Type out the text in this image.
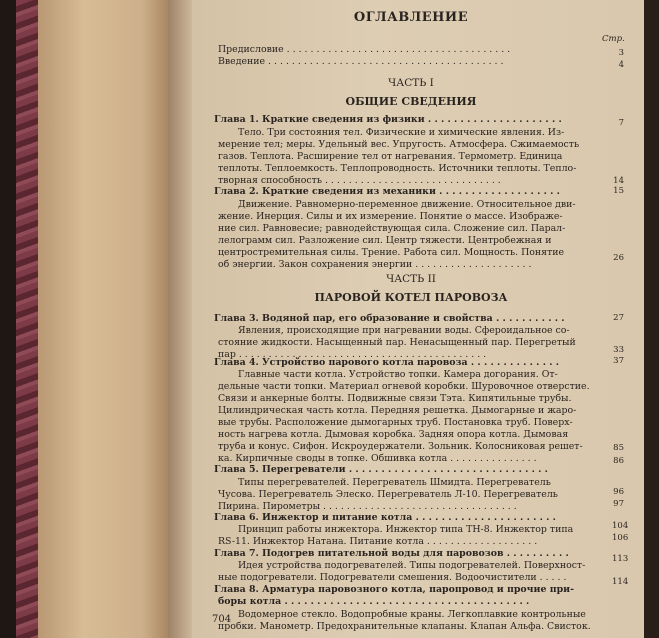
ОГЛАВЛЕНИЕ
Стр.
Предисловие . . . . . . . . . . . . . . . . . . . . . . . . . . . . . . . . . . . . . .
Введение . . . . . . . . . . . . . . . . . . . . . . . . . . . . . . . . . . . . . . . .
Глава 1. Краткие сведения из физики . . . . . . . . . . . . . . . . . . . . .
Тело. Три состояния тел. Физические и химические явления. Из-
мерение тел; меры. Удельный вес. Упругость. Атмосфера. Сжимаемость
газов. Теплота. Расширение тел от нагревания. Термометр. Единица
теплоты. Теплоемкость. Теплопроводность. Источники теплоты. Тепло-
творная способность . . . . . . . . . . . . . . . . . . . . . . . . . . . . . .
Глава 2. Краткие сведения из механики . . . . . . . . . . . . . . . . . . .
Движение. Равномерно-переменное движение. Относительное дви-
жение. Инерция. Силы и их измерение. Понятие о массе. Изображе-
ние сил. Равновесие; равнодействующая сила. Сложение сил. Парал-
лелограмм сил. Разложение сил. Центр тяжести. Центробежная и
центростремительная силы. Трение. Работа сил. Мощность. Понятие
об энергии. Закон сохранения энергии . . . . . . . . . . . . . . . . . . . .
Глава 3. Водяной пар, его образование и свойства . . . . . . . . . . .
Явления, происходящие при нагревании воды. Сфероидальное со-
стояние жидкости. Насыщенный пар. Ненасыщенный пар. Перегретый
пар . . . . . . . . . . . . . . . . . . . . . . . . . . . . . . . . . . . . . . . . . .
Глава 4. Устройство парового котла паровоза . . . . . . . . . . . . . .
Главные части котла. Устройство топки. Камера догорания. От-
дельные части топки. Материал огневой коробки. Шуровочное отверстие.
Связи и анкерные болты. Подвижные связи Тэта. Кипятильные трубы.
Цилиндрическая часть котла. Передняя решетка. Дымогарные и жаро-
вые трубы. Расположение дымогарных труб. Постановка труб. Поверх-
ность нагрева котла. Дымовая коробка. Задняя опора котла. Дымовая
труба и конус. Сифон. Искроудержатели. Зольник. Колосниковая решет-
ка. Кирпичные своды в топке. Обшивка котла . . . . . . . . . . . . . . .
Глава 5. Перегреватели . . . . . . . . . . . . . . . . . . . . . . . . . . . . . . .
Типы перегревателей. Перегреватель Шмидта. Перегреватель
Чусова. Перегреватель Элеско. Перегреватель Л-10. Перегреватель
Пирина. Пирометры . . . . . . . . . . . . . . . . . . . . . . . . . . . . . . . . .
Глава 6. Инжектор и питание котла . . . . . . . . . . . . . . . . . . . . . .
Принцип работы инжектора. Инжектор типа ТН-8. Инжектор типа
RS-11. Инжектор Натана. Питание котла . . . . . . . . . . . . . . . . . . .
Глава 7. Подогрев питательной воды для паровозов . . . . . . . . . .
Идея устройства подогревателей. Типы подогревателей. Поверхност-
ные подогреватели. Подогреватели смешения. Водоочистители . . . . .
Глава 8. Арматура паровозного котла, паропровод и прочие при-
боры котла . . . . . . . . . . . . . . . . . . . . . . . . . . . . . . . . . . . . . .
Водомерное стекло. Водопробные краны. Легкоплавкие контрольные
пробки. Манометр. Предохранительные клапаны. Клапан Альфа. Свисток.
ЧАСТЬ I
ОБЩИЕ СВЕДЕНИЯ
ЧАСТЬ II
ПАРОВОЙ КОТЕЛ ПАРОВОЗА
3
4
7
14
15
26
27
33
37
85
86
96
97
104
106
113
114
704
